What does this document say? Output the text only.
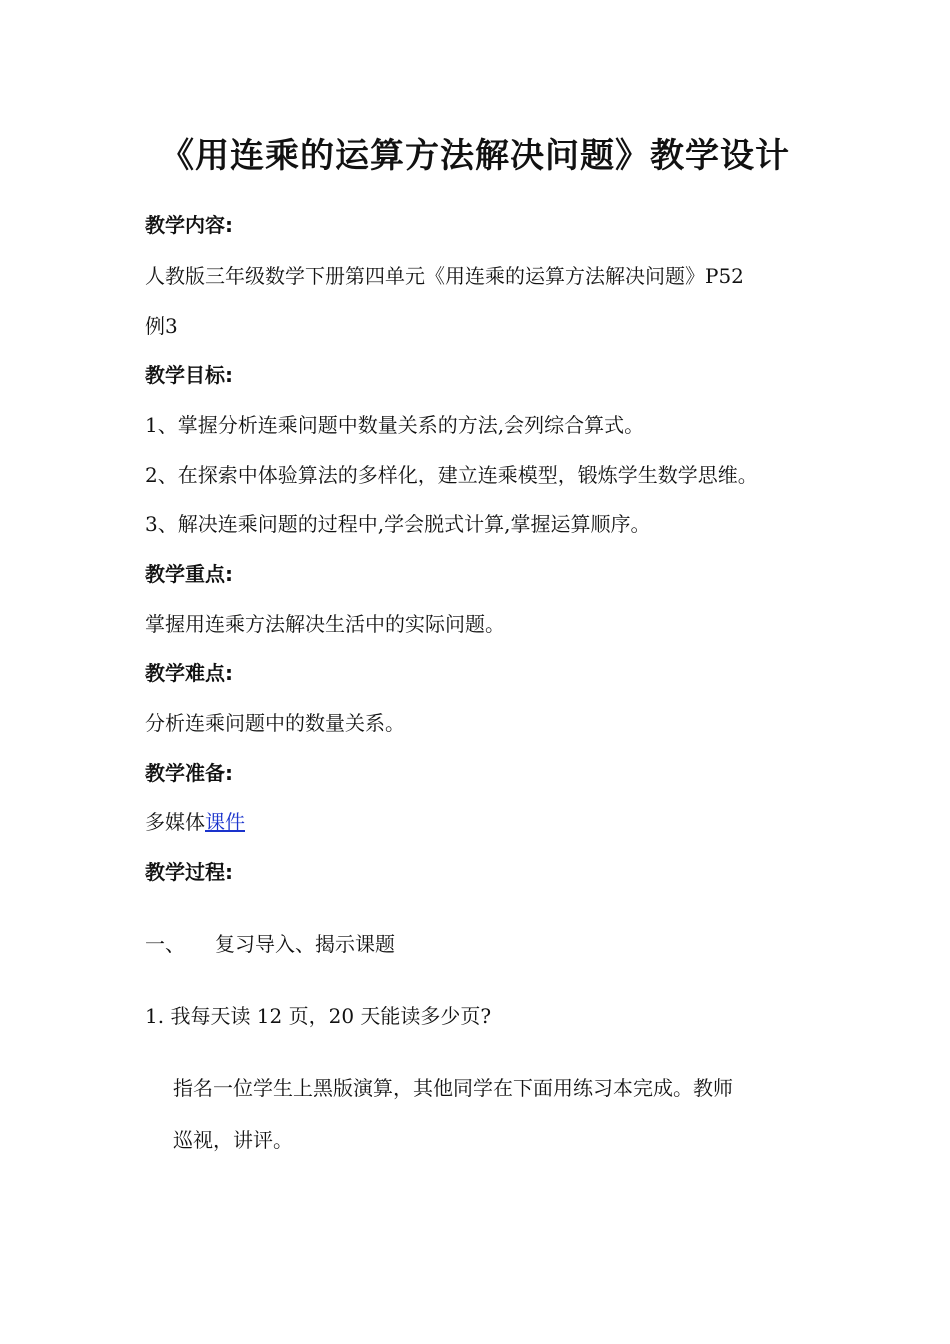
《用连乘的运算方法解决问题》教学设计
教学内容:
人教版三年级数学下册第四单元《用连乘的运算方法解决问题》P52
例3
教学目标:
1、掌握分析连乘问题中数量关系的方法,会列综合算式。
2、在探索中体验算法的多样化，建立连乘模型，锻炼学生数学思维。
3、解决连乘问题的过程中,学会脱式计算,掌握运算顺序。
教学重点:
掌握用连乘方法解决生活中的实际问题。
教学难点:
分析连乘问题中的数量关系。
教学准备:
多媒体课件
教学过程:
一、 复习导入、揭示课题
1. 我每天读 12 页，20 天能读多少页?
指名一位学生上黑版演算，其他同学在下面用练习本完成。教师
巡视，讲评。
